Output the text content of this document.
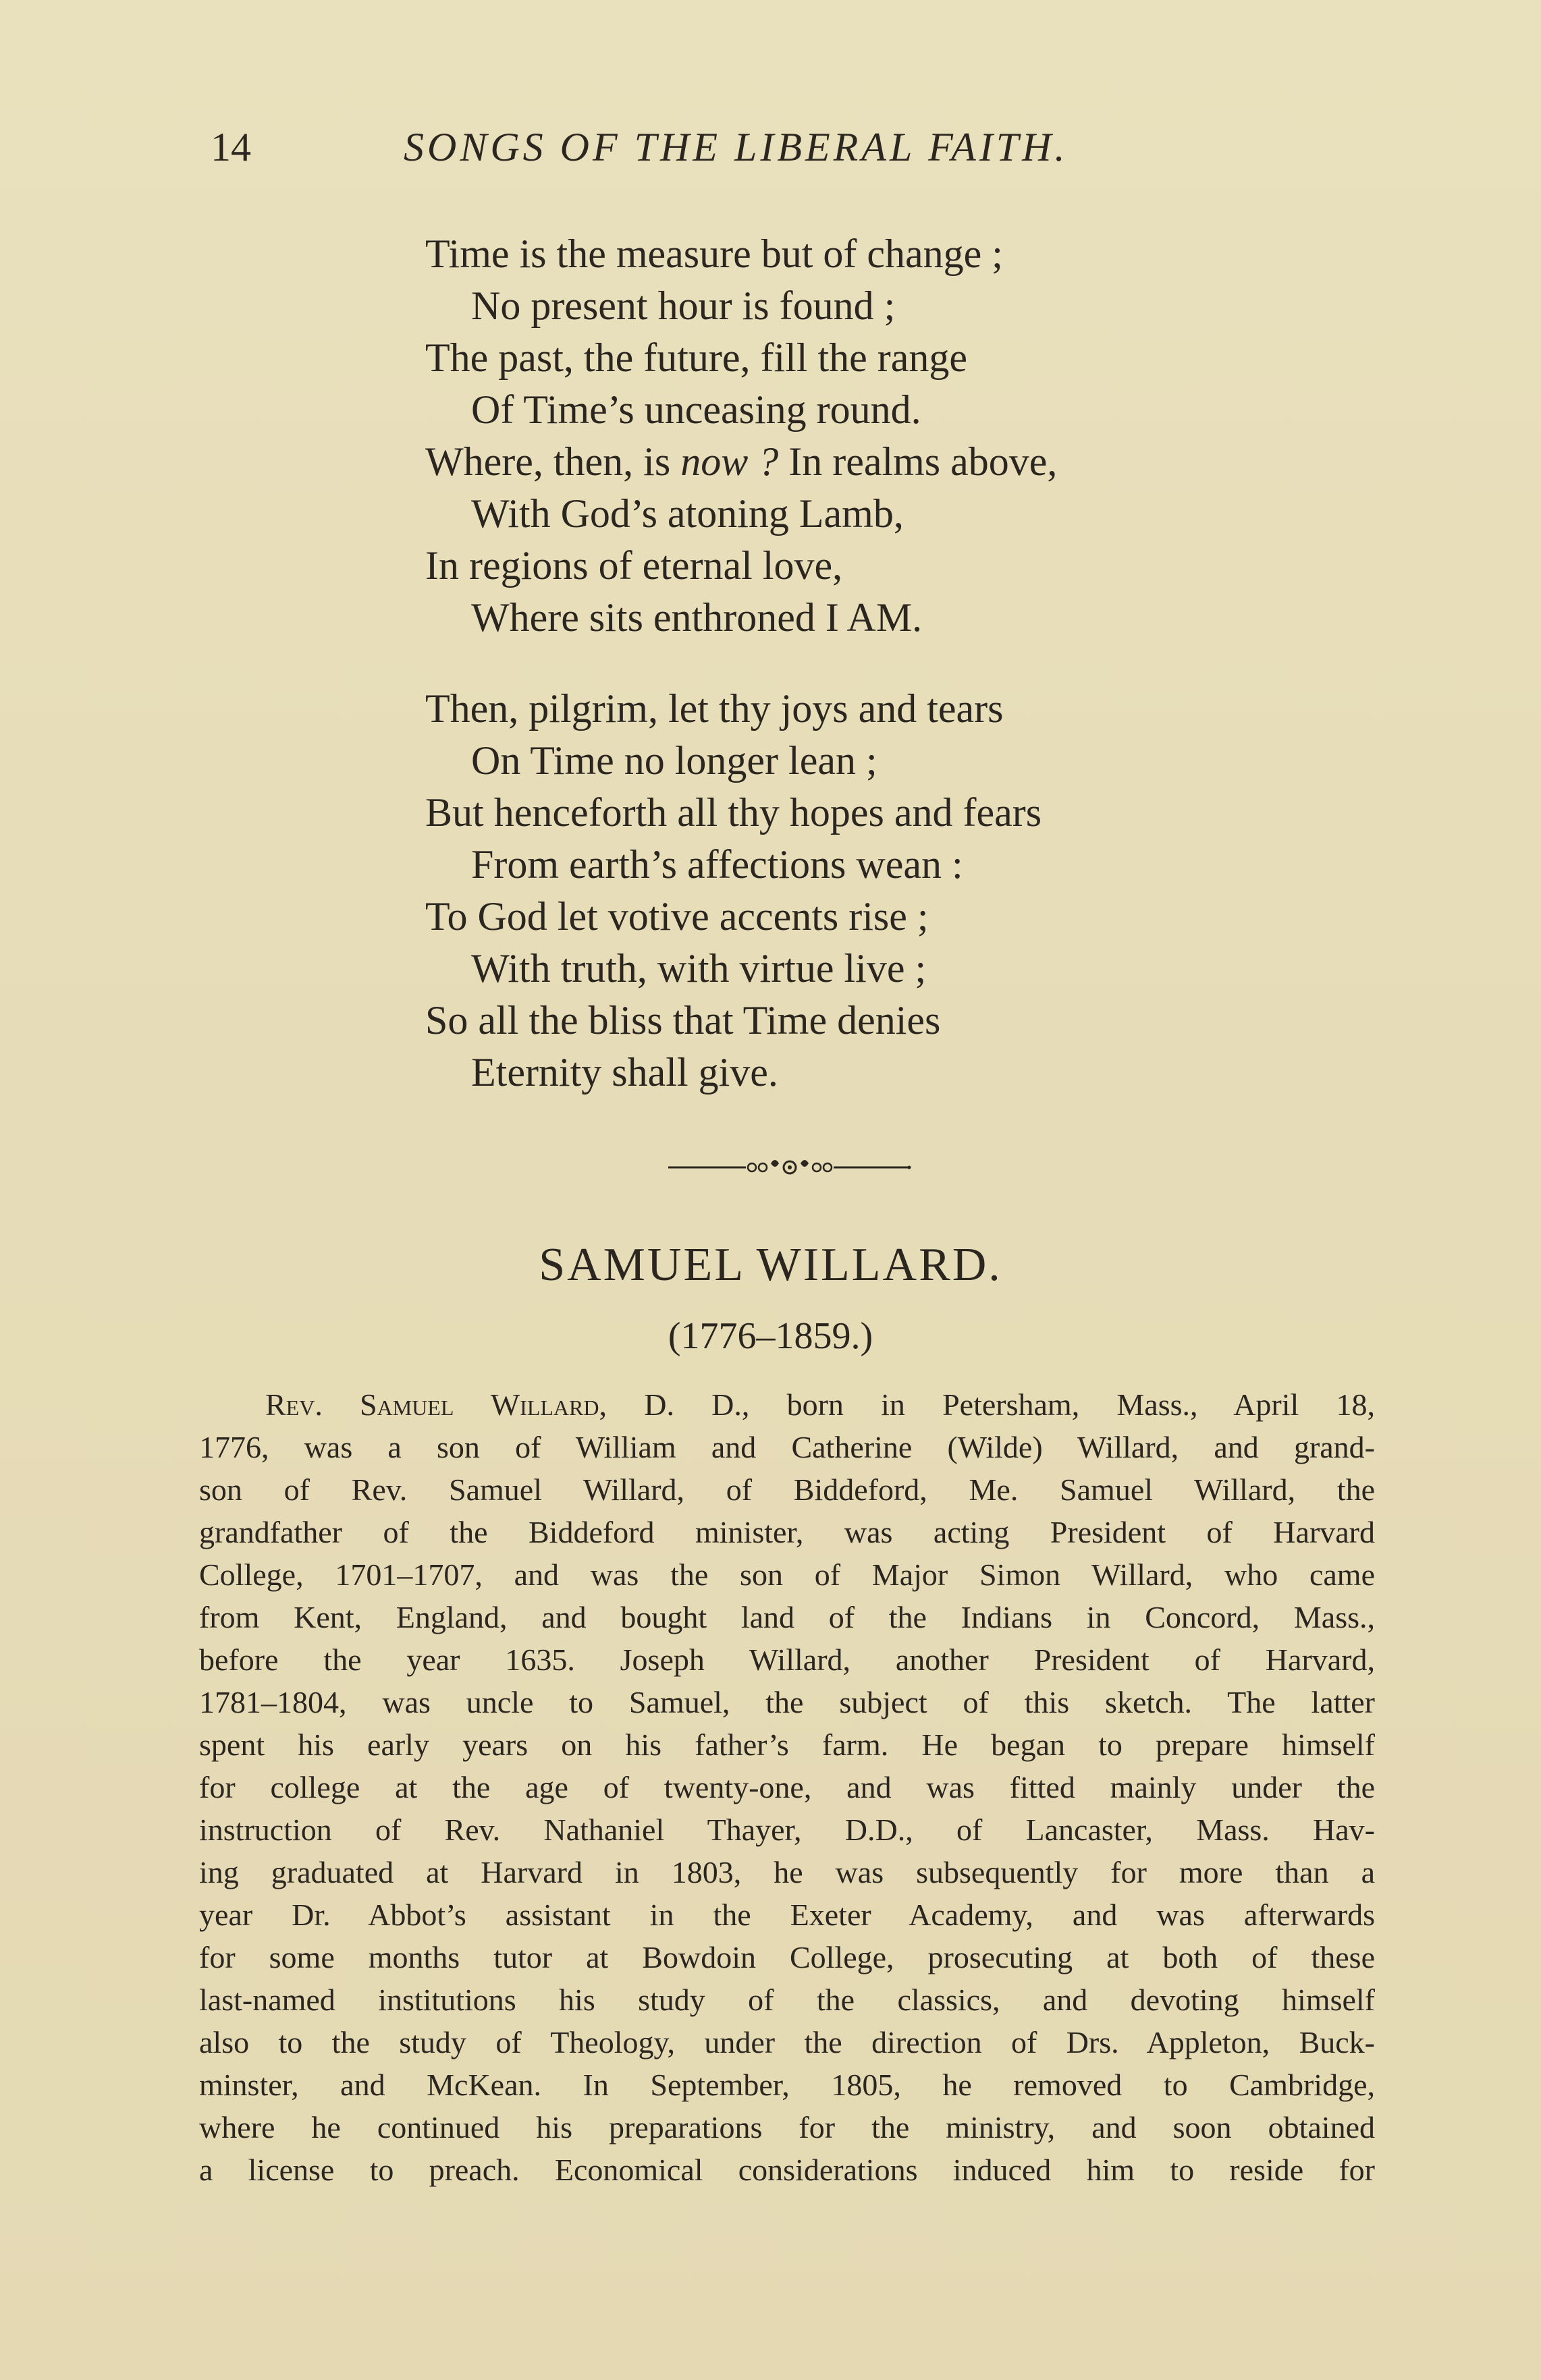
14	SONGS OF THE LIBERAL FAITH.
Time is the measure but of change ;
No present hour is found ;
The past, the future, fill the range
Of Time’s unceasing round.
Where, then, is now ? In realms above,
With God’s atoning Lamb,
In regions of eternal love,
Where sits enthroned I AM.
Then, pilgrim, let thy joys and tears
On Time no longer lean ;
But henceforth all thy hopes and fears
From earth’s affections wean :
To God let votive accents rise ;
With truth, with virtue live ;
So all the bliss that Time denies
Eternity shall give.
SAMUEL WILLARD.
(1776–1859.)
Rev. Samuel Willard, D. D., born in Petersham, Mass., April 18,
1776, was a son of William and Catherine (Wilde) Willard, and grand-
son of Rev. Samuel Willard, of Biddeford, Me. Samuel Willard, the
grandfather of the Biddeford minister, was acting President of Harvard
College, 1701–1707, and was the son of Major Simon Willard, who came
from Kent, England, and bought land of the Indians in Concord, Mass.,
before the year 1635. Joseph Willard, another President of Harvard,
1781–1804, was uncle to Samuel, the subject of this sketch. The latter
spent his early years on his father’s farm. He began to prepare himself
for college at the age of twenty-one, and was fitted mainly under the
instruction of Rev. Nathaniel Thayer, D.D., of Lancaster, Mass. Hav-
ing graduated at Harvard in 1803, he was subsequently for more than a
year Dr. Abbot’s assistant in the Exeter Academy, and was afterwards
for some months tutor at Bowdoin College, prosecuting at both of these
last-named institutions his study of the classics, and devoting himself
also to the study of Theology, under the direction of Drs. Appleton, Buck-
minster, and McKean. In September, 1805, he removed to Cambridge,
where he continued his preparations for the ministry, and soon obtained
a license to preach. Economical considerations induced him to reside for
